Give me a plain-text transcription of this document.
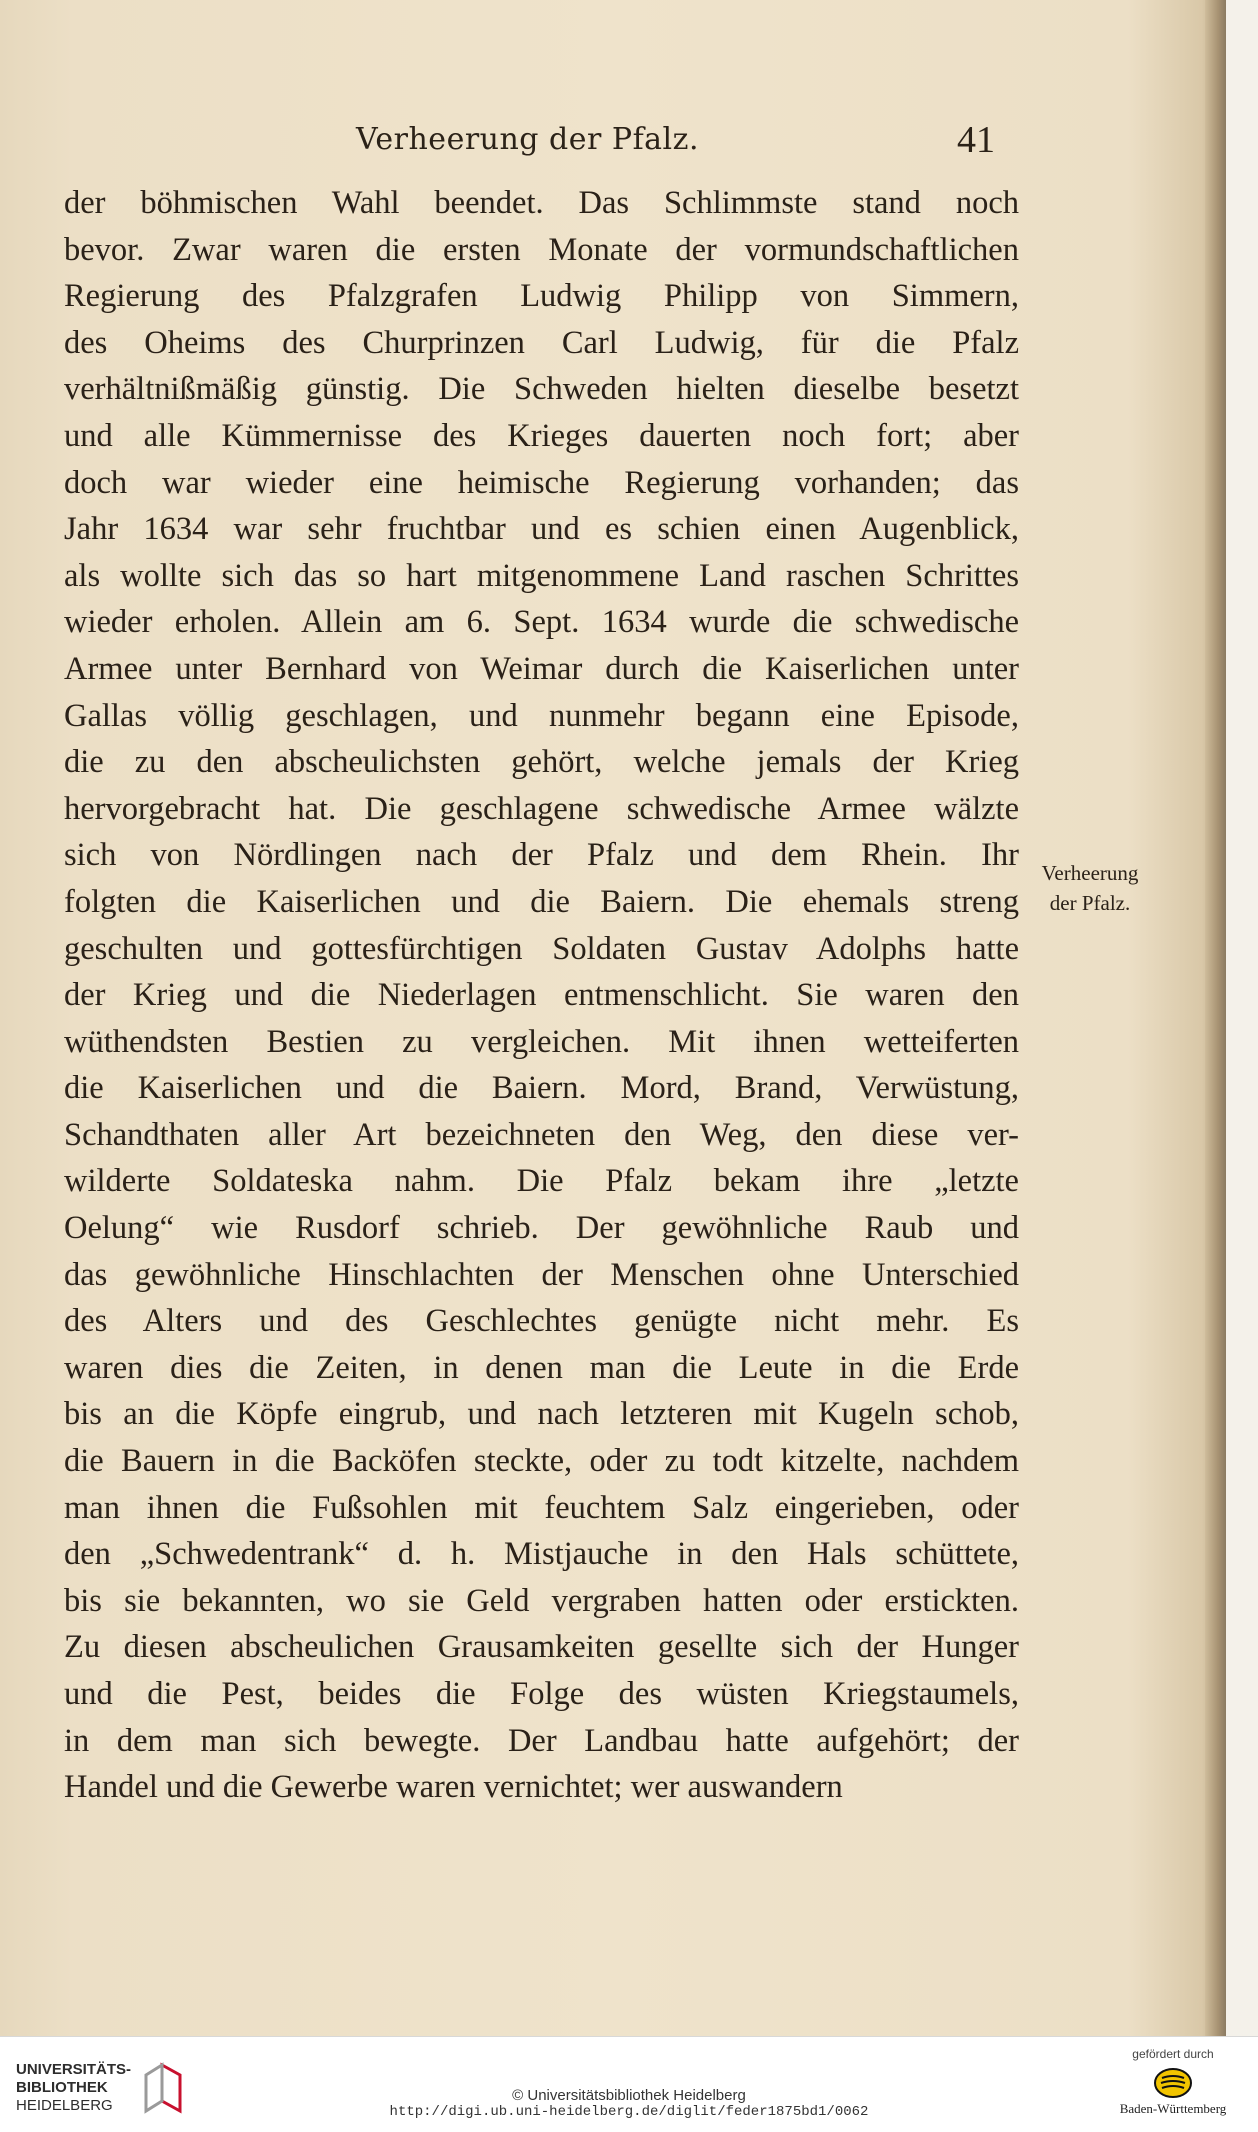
Verheerung der Pfalz.	41
der böhmischen Wahl beendet. Das Schlimmste stand noch
bevor. Zwar waren die ersten Monate der vormundschaftlichen
Regierung des Pfalzgrafen Ludwig Philipp von Simmern,
des Oheims des Churprinzen Carl Ludwig, für die Pfalz
verhältnißmäßig günstig. Die Schweden hielten dieselbe besetzt
und alle Kümmernisse des Krieges dauerten noch fort; aber
doch war wieder eine heimische Regierung vorhanden; das
Jahr 1634 war sehr fruchtbar und es schien einen Augenblick,
als wollte sich das so hart mitgenommene Land raschen Schrittes
wieder erholen. Allein am 6. Sept. 1634 wurde die schwedische
Armee unter Bernhard von Weimar durch die Kaiserlichen unter
Gallas völlig geschlagen, und nunmehr begann eine Episode,
die zu den abscheulichsten gehört, welche jemals der Krieg
hervorgebracht hat. Die geschlagene schwedische Armee wälzte
sich von Nördlingen nach der Pfalz und dem Rhein. Ihr
folgten die Kaiserlichen und die Baiern. Die ehemals streng
geschulten und gottesfürchtigen Soldaten Gustav Adolphs hatte
der Krieg und die Niederlagen entmenschlicht. Sie waren den
wüthendsten Bestien zu vergleichen. Mit ihnen wetteiferten
die Kaiserlichen und die Baiern. Mord, Brand, Verwüstung,
Schandthaten aller Art bezeichneten den Weg, den diese ver-
wilderte Soldateska nahm. Die Pfalz bekam ihre „letzte
Oelung“ wie Rusdorf schrieb. Der gewöhnliche Raub und
das gewöhnliche Hinschlachten der Menschen ohne Unterschied
des Alters und des Geschlechtes genügte nicht mehr. Es
waren dies die Zeiten, in denen man die Leute in die Erde
bis an die Köpfe eingrub, und nach letzteren mit Kugeln schob,
die Bauern in die Backöfen steckte, oder zu todt kitzelte, nachdem
man ihnen die Fußsohlen mit feuchtem Salz eingerieben, oder
den „Schwedentrank“ d. h. Mistjauche in den Hals schüttete,
bis sie bekannten, wo sie Geld vergraben hatten oder erstickten.
Zu diesen abscheulichen Grausamkeiten gesellte sich der Hunger
und die Pest, beides die Folge des wüsten Kriegstaumels,
in dem man sich bewegte. Der Landbau hatte aufgehört; der
Handel und die Gewerbe waren vernichtet; wer auswandern
Verheerung
der Pfalz.
UNIVERSITÄTS-
BIBLIOTHEK
HEIDELBERG
© Universitätsbibliothek Heidelberg
http://digi.ub.uni-heidelberg.de/diglit/feder1875bd1/0062
gefördert durch
Baden-Württemberg
